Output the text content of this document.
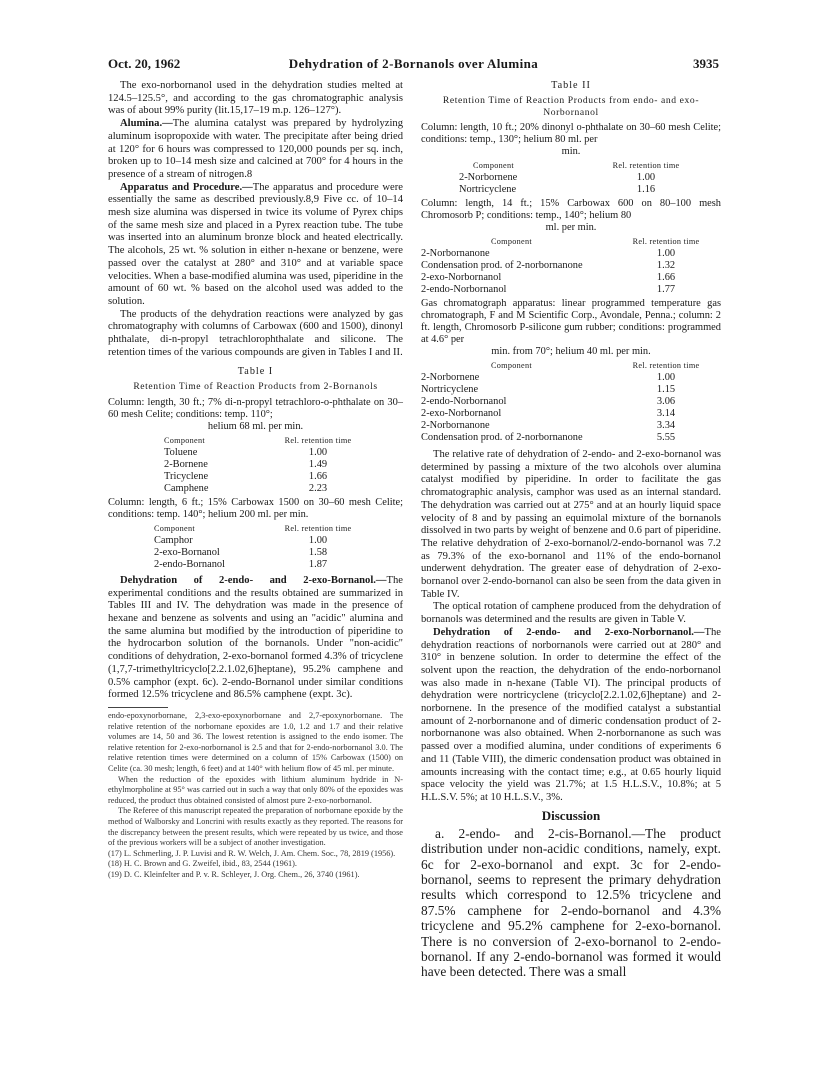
Oct. 20, 1962	Dehydration of 2-Bornanols over Alumina	3935

The exo-norbornanol used in the dehydration studies melted at 124.5–125.5°, and according to the gas chromatographic analysis was of about 99% purity (lit.15,17–19 m.p. 126–127°).

Alumina.—The alumina catalyst was prepared by hydrolyzing aluminum isopropoxide with water. The precipitate after being dried at 120° for 6 hours was compressed to 120,000 pounds per sq. inch, broken up to 10–14 mesh size and calcined at 700° for 4 hours in the presence of a stream of nitrogen.8

Apparatus and Procedure.—The apparatus and procedure were essentially the same as described previously.8,9 Five cc. of 10–14 mesh size alumina was dispersed in twice its volume of Pyrex chips of the same mesh size and placed in a Pyrex reaction tube. The tube was inserted into an aluminum bronze block and heated electrically. The alcohols, 25 wt. % solution in either n-hexane or benzene, were passed over the catalyst at 280° and 310° and at variable space velocities. When a base-modified alumina was used, piperidine in the amount of 60 wt. % based on the alcohol used was added to the solution.

The products of the dehydration reactions were analyzed by gas chromatography with columns of Carbowax (600 and 1500), dinonyl phthalate, di-n-propyl tetrachlorophthalate and silicone. The retention times of the various compounds are given in Tables I and II.

Table I
Retention Time of Reaction Products from 2-Bornanols

Column: length, 30 ft.; 7% di-n-propyl tetrachloro-o-phthalate on 30–60 mesh Celite; conditions: temp. 110°;
helium 68 ml. per min.

Component	Rel. retention time
Toluene	1.00
2-Bornene	1.49
Tricyclene	1.66
Camphene	2.23

Column: length, 6 ft.; 15% Carbowax 1500 on 30–60 mesh Celite; conditions: temp. 140°; helium 200 ml. per min.

Component	Rel. retention time
Camphor	1.00
2-exo-Bornanol	1.58
2-endo-Bornanol	1.87

Dehydration of 2-endo- and 2-exo-Bornanol.—The experimental conditions and the results obtained are summarized in Tables III and IV. The dehydration was made in the presence of hexane and benzene as solvents and using an "acidic" alumina and the same alumina but modified by the introduction of piperidine to the hydrocarbon solution of the bornanols. Under "non-acidic" conditions of dehydration, 2-exo-bornanol formed 4.3% of tricyclene (1,7,7-trimethyltricyclo[2.2.1.02,6]heptane), 95.2% camphene and 0.5% camphor (expt. 6c). 2-endo-Bornanol under similar conditions formed 12.5% tricyclene and 86.5% camphene (expt. 3c).

endo-epoxynorbornane, 2,3-exo-epoxynorbornane and 2,7-epoxynorbornane. The relative retention of the norbornane epoxides are 1.0, 1.2 and 1.7 and their relative volumes are 14, 50 and 36. The lowest retention is assigned to the endo isomer. The relative retention for 2-exo-norbornanol is 2.5 and that for 2-endo-norbornanol 3.0. The relative retention times were determined on a column of 15% Carbowax (1500) on Celite (ca. 30 mesh; length, 6 feet) and at 140° with helium flow of 45 ml. per minute.

When the reduction of the epoxides with lithium aluminum hydride in N-ethylmorpholine at 95° was carried out in such a way that only 80% of the epoxides was reduced, the product thus obtained consisted of almost pure 2-exo-norbornanol.

The Referee of this manuscript repeated the preparation of norbornane epoxide by the method of Walborsky and Loncrini with results exactly as they reported. The reasons for the discrepancy between the present results, which were repeated by us twice, and those of the previous workers will be a subject of another investigation.

(17) L. Schmerling, J. P. Luvisi and R. W. Welch, J. Am. Chem. Soc., 78, 2819 (1956).

(18) H. C. Brown and G. Zweifel, ibid., 83, 2544 (1961).

(19) D. C. Kleinfelter and P. v. R. Schleyer, J. Org. Chem., 26, 3740 (1961).

Table II
Retention Time of Reaction Products from endo- and exo-Norbornanol

Column: length, 10 ft.; 20% dinonyl o-phthalate on 30–60 mesh Celite; conditions: temp., 130°; helium 80 ml. per
min.

Component	Rel. retention time
2-Norbornene	1.00
Nortricyclene	1.16

Column: length, 14 ft.; 15% Carbowax 600 on 80–100 mesh Chromosorb P; conditions: temp., 140°; helium 80
ml. per min.

Component	Rel. retention time
2-Norbornanone	1.00
Condensation prod. of 2-norbornanone	1.32
2-exo-Norbornanol	1.66
2-endo-Norbornanol	1.77

Gas chromatograph apparatus: linear programmed temperature gas chromatograph, F and M Scientific Corp., Avondale, Penna.; column: 2 ft. length, Chromosorb P-silicone gum rubber; conditions: programmed at 4.6° per
min. from 70°; helium 40 ml. per min.

Component	Rel. retention time
2-Norbornene	1.00
Nortricyclene	1.15
2-endo-Norbornanol	3.06
2-exo-Norbornanol	3.14
2-Norbornanone	3.34
Condensation prod. of 2-norbornanone	5.55

The relative rate of dehydration of 2-endo- and 2-exo-bornanol was determined by passing a mixture of the two alcohols over alumina catalyst modified by piperidine. In order to facilitate the gas chromatographic analysis, camphor was used as an internal standard. The dehydration was carried out at 275° and at an hourly liquid space velocity of 8 and by passing an equimolal mixture of the bornanols dissolved in two parts by weight of benzene and 0.6 part of piperidine. The relative dehydration of 2-exo-bornanol/2-endo-bornanol was 7.2 as 79.3% of the exo-bornanol and 11% of the endo-bornanol underwent dehydration. The greater ease of dehydration of 2-exo-bornanol over 2-endo-bornanol can also be seen from the data given in Table IV.

The optical rotation of camphene produced from the dehydration of bornanols was determined and the results are given in Table V.

Dehydration of 2-endo- and 2-exo-Norbornanol.—The dehydration reactions of norbornanols were carried out at 280° and 310° in benzene solution. In order to determine the effect of the solvent upon the reaction, the dehydration of the endo-norbornanol was also made in n-hexane (Table VI). The principal products of dehydration were nortricyclene (tricyclo[2.2.1.02,6]heptane) and 2-norbornene. In the presence of the modified catalyst a substantial amount of 2-norbornanone and of dimeric condensation product of 2-norbornanone was also obtained. When 2-norbornanone as such was passed over a modified alumina, under conditions of experiments 6 and 11 (Table VIII), the dimeric condensation product was obtained in amounts increasing with the contact time; e.g., at 0.65 hourly liquid space velocity the yield was 21.7%; at 1.5 H.L.S.V., 10.8%; at 5 H.L.S.V. 5%; at 10 H.L.S.V., 3%.

Discussion

a. 2-endo- and 2-cis-Bornanol.—The product distribution under non-acidic conditions, namely, expt. 6c for 2-exo-bornanol and expt. 3c for 2-endo-bornanol, seems to represent the primary dehydration results which correspond to 12.5% tricyclene and 87.5% camphene for 2-endo-bornanol and 4.3% tricyclene and 95.2% camphene for 2-exo-bornanol. There is no conversion of 2-exo-bornanol to 2-endo-bornanol. If any 2-endo-bornanol was formed it would have been detected. There was a small
